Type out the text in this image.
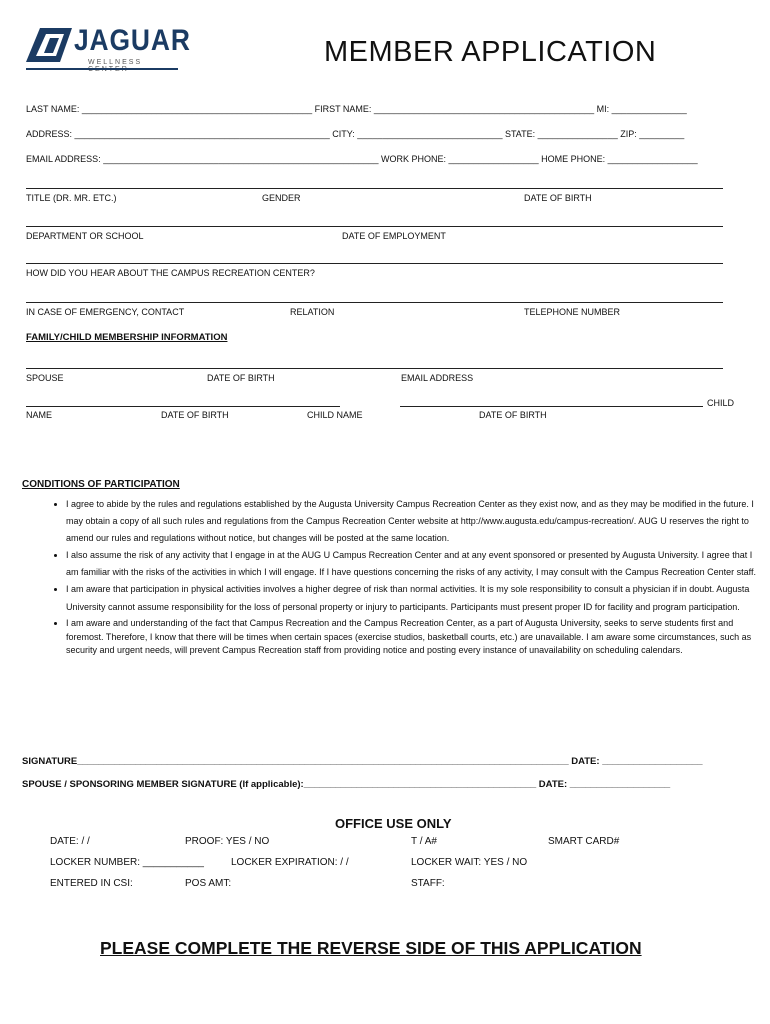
JAGUAR
WELLNESS	MEMBER APPLICATION
LAST NAME: ______________________________________________ FIRST NAME: ____________________________________________ MI: _______________
ADDRESS: ___________________________________________________ CITY: _____________________________ STATE: ________________ ZIP: _________
EMAIL ADDRESS: _______________________________________________________ WORK PHONE: __________________ HOME PHONE: __________________
TITLE (DR. MR. ETC.)	GENDER	DATE OF BIRTH
DEPARTMENT OR SCHOOL	DATE OF EMPLOYMENT
HOW DID YOU HEAR ABOUT THE CAMPUS RECREATION CENTER?
IN CASE OF EMERGENCY, CONTACT	RELATION	TELEPHONE NUMBER
FAMILY/CHILD MEMBERSHIP INFORMATION
SPOUSE	DATE OF BIRTH	EMAIL ADDRESS
CHILD
NAME	DATE OF BIRTH	CHILD NAME	DATE OF BIRTH
CONDITIONS OF PARTICIPATION
• I agree to abide by the rules and regulations established by the Augusta University Campus Recreation Center as they exist now, and as they may be modified in the future. I may obtain a copy of all such rules and regulations from the Campus Recreation Center website at http://www.augusta.edu/campus-recreation/. AUG U reserves the right to amend our rules and regulations without notice, but changes will be posted at the same location.
• I also assume the risk of any activity that I engage in at the AUG U Campus Recreation Center and at any event sponsored or presented by Augusta University. I agree that I am familiar with the risks of the activities in which I will engage. If I have questions concerning the risks of any activity, I may consult with the Campus Recreation Center staff.
• I am aware that participation in physical activities involves a higher degree of risk than normal activities. It is my sole responsibility to consult a physician if in doubt. Augusta University cannot assume responsibility for the loss of personal property or injury to participants. Participants must present proper ID for facility and program participation.
• I am aware and understanding of the fact that Campus Recreation and the Campus Recreation Center, as a part of Augusta University, seeks to serve students first and foremost. Therefore, I know that there will be times when certain spaces (exercise studios, basketball courts, etc.) are unavailable. I am aware some circumstances, such as security and urgent needs, will prevent Campus Recreation staff from providing notice and posting every instance of unavailability on scheduling calendars.
SIGNATURE_____________________________________________________________________________________________ DATE: ___________________
SPOUSE / SPONSORING MEMBER SIGNATURE (If applicable):____________________________________________ DATE: ___________________
OFFICE USE ONLY
DATE: / /	PROOF: YES / NO	T / A#	SMART CARD#
LOCKER NUMBER: ___________	LOCKER EXPIRATION: / /	LOCKER WAIT: YES / NO
ENTERED IN CSI:	POS AMT:	STAFF:
PLEASE COMPLETE THE REVERSE SIDE OF THIS APPLICATION
